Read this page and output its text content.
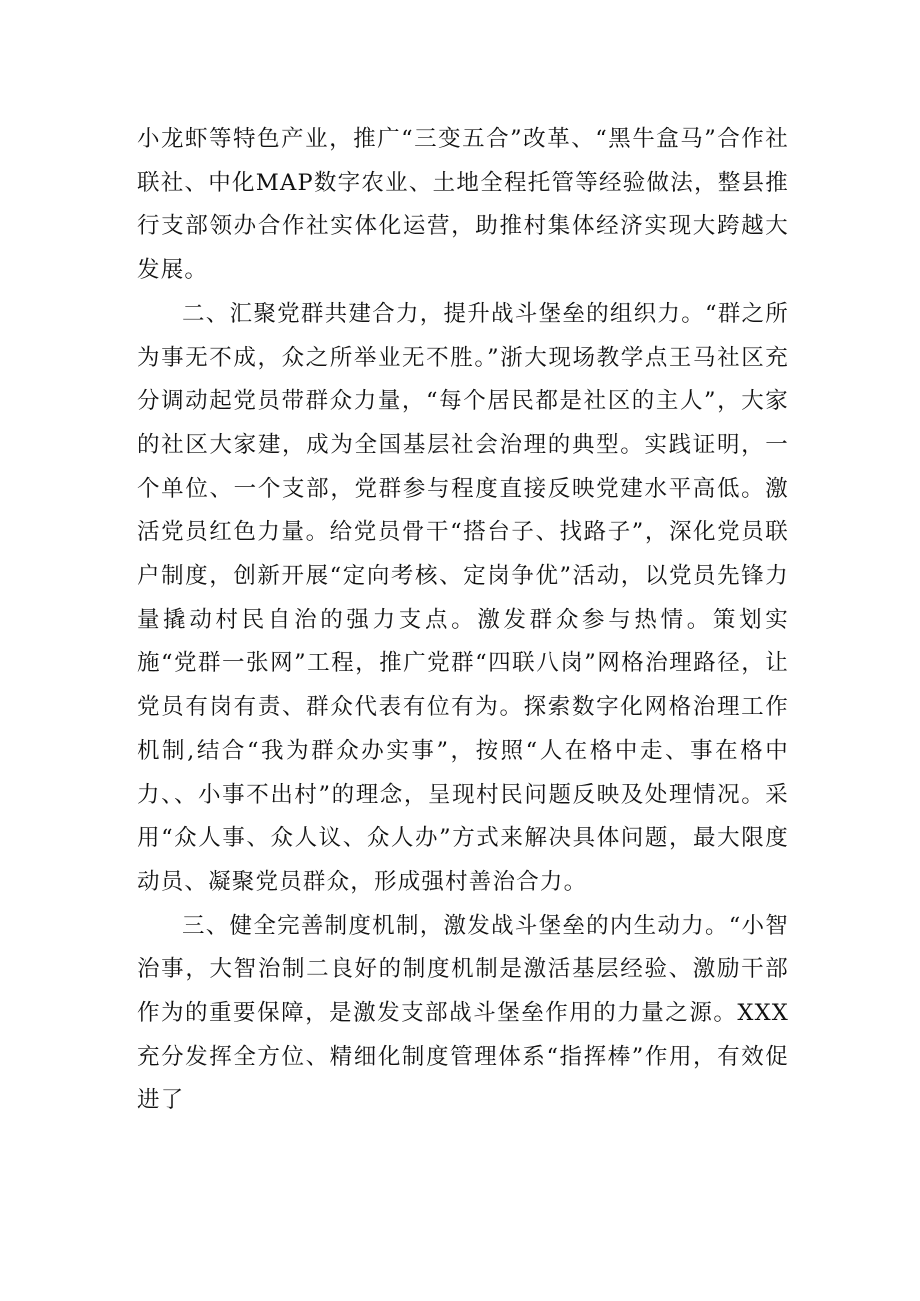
小龙虾等特色产业，推广“三变五合”改革、“黑牛盒马”合作社联社、中化MAP数字农业、土地全程托管等经验做法，整县推行支部领办合作社实体化运营，助推村集体经济实现大跨越大发展。

二、汇聚党群共建合力，提升战斗堡垒的组织力。“群之所为事无不成，众之所举业无不胜。”浙大现场教学点王马社区充分调动起党员带群众力量，“每个居民都是社区的主人”，大家的社区大家建，成为全国基层社会治理的典型。实践证明，一个单位、一个支部，党群参与程度直接反映党建水平高低。激活党员红色力量。给党员骨干“搭台子、找路子”，深化党员联户制度，创新开展“定向考核、定岗争优”活动，以党员先锋力量撬动村民自治的强力支点。激发群众参与热情。策划实施“党群一张网”工程，推广党群“四联八岗”网格治理路径，让党员有岗有责、群众代表有位有为。探索数字化网格治理工作机制,结合“我为群众办实事”，按照“人在格中走、事在格中力、、小事不出村”的理念，呈现村民问题反映及处理情况。采用“众人事、众人议、众人办”方式来解决具体问题，最大限度动员、凝聚党员群众，形成强村善治合力。

三、健全完善制度机制，激发战斗堡垒的内生动力。“小智治事，大智治制二良好的制度机制是激活基层经验、激励干部作为的重要保障，是激发支部战斗堡垒作用的力量之源。XXX充分发挥全方位、精细化制度管理体系“指挥棒”作用，有效促进了
